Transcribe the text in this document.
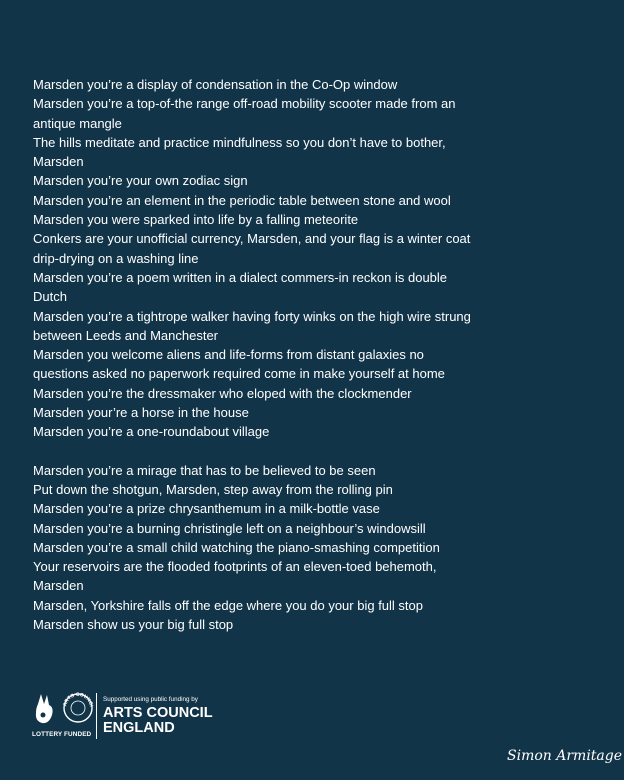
Marsden you’re a display of condensation in the Co-Op window
Marsden you’re a top-of-the range off-road mobility scooter made from an antique mangle
The hills meditate and practice mindfulness so you don’t have to bother, Marsden
Marsden you’re your own zodiac sign
Marsden you’re an element in the periodic table between stone and wool
Marsden you were sparked into life by a falling meteorite
Conkers are your unofficial currency, Marsden, and your flag is a winter coat drip-drying on a washing line
Marsden you’re a poem written in a dialect commers-in reckon is double Dutch
Marsden you’re a tightrope walker having forty winks on the high wire strung between Leeds and Manchester
Marsden you welcome aliens and life-forms from distant galaxies no questions asked no paperwork required come in make yourself at home
Marsden you’re the dressmaker who eloped with the clockmender
Marsden your’re a horse in the house
Marsden you’re a one-roundabout village
Marsden you’re a mirage that has to be believed to be seen
Put down the shotgun, Marsden, step away from the rolling pin
Marsden you’re a prize chrysanthemum in a milk-bottle vase
Marsden you’re a burning christingle left on a neighbour’s windowsill
Marsden you’re a small child watching the piano-smashing competition
Your reservoirs are the flooded footprints of an eleven-toed behemoth, Marsden
Marsden, Yorkshire falls off the edge where you do your big full stop
Marsden show us your big full stop
ARTS COUNCI
LOTTERY FUNDED
Supported using public funding by
ARTS COUNCIL
ENGLAND
Simon Armitage
